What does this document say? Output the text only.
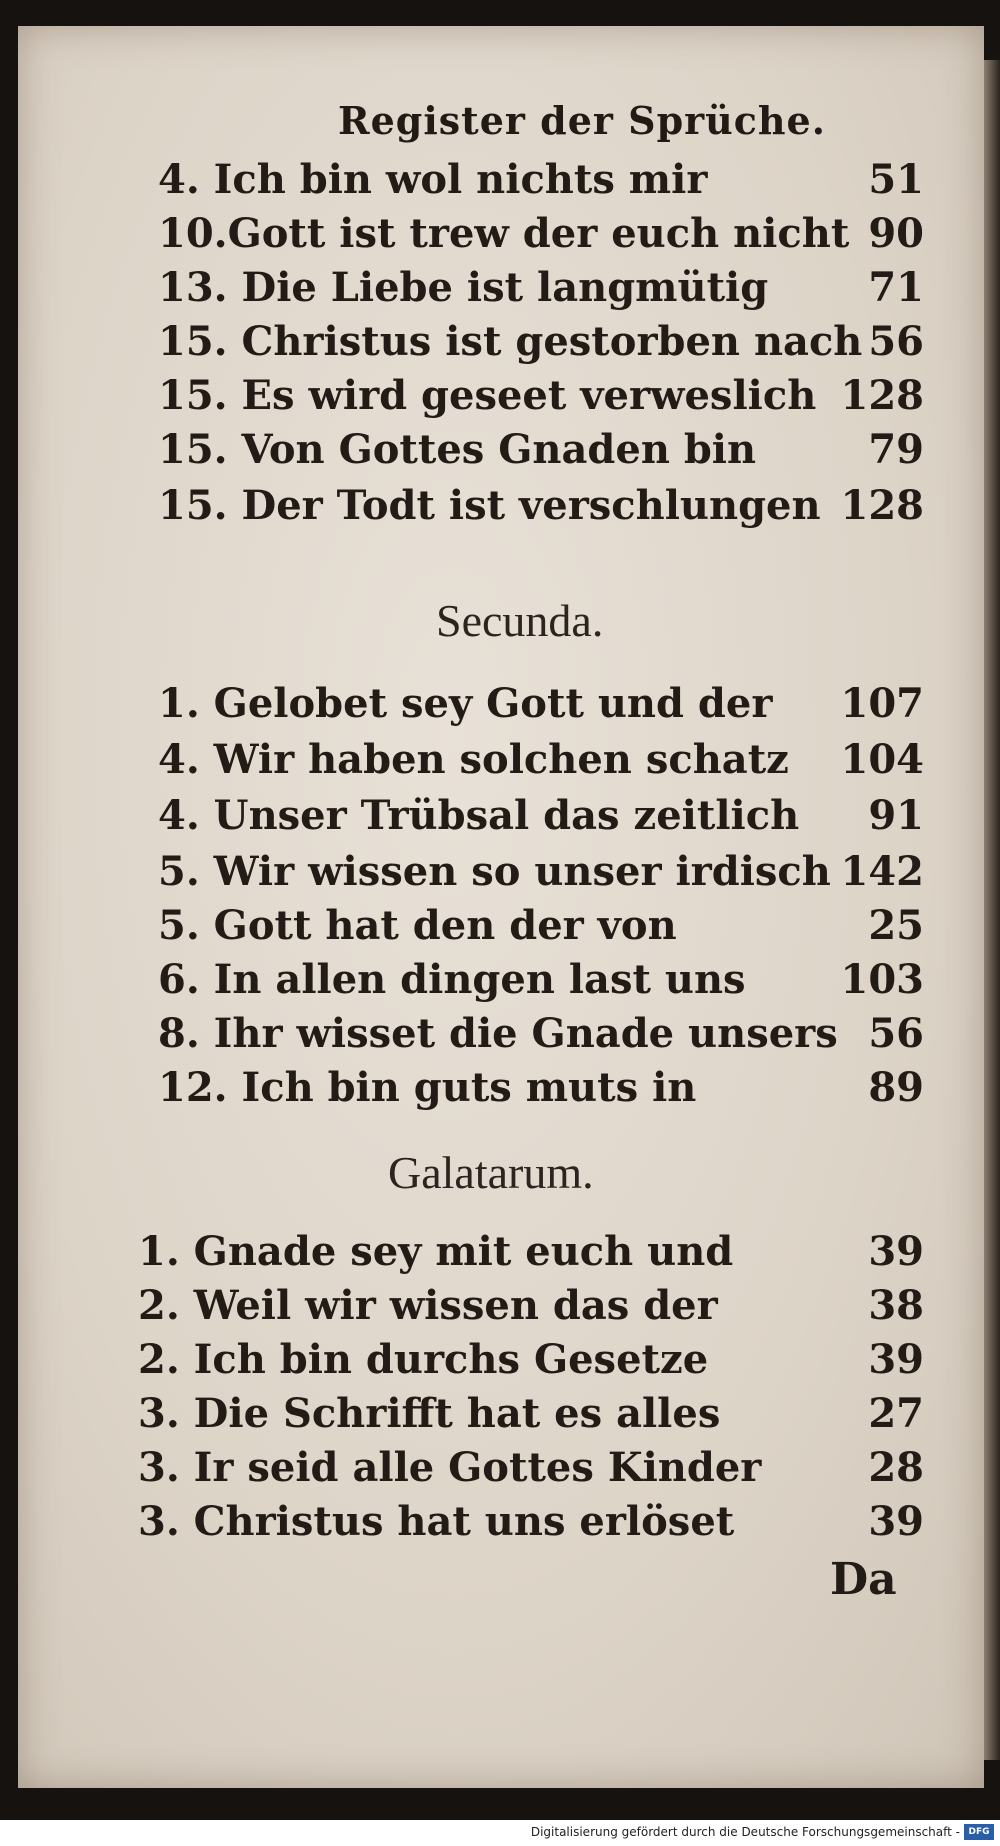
Register der Sprüche.
4. Ich bin wol nichts mir	51
10.Gott ist trew der euch nicht 90
13. Die Liebe ist langmütig	71
15. Christus ist gestorben nach 56
15. Es wird geseet verweslich 128
15. Von Gottes Gnaden bin	79
15. Der Todt ist verschlungen 128
Secunda.
1. Gelobet sey Gott und der	107
4. Wir haben solchen schatz	104
4. Unser Trübsal das zeitlich	91
5. Wir wissen so unser irdisch 142
5. Gott hat den der von	25
6. In allen dingen last uns	103
8. Ihr wisset die Gnade unsers 56
12. Ich bin guts muts in	89
Galatarum.
1. Gnade sey mit euch und	39
2. Weil wir wissen das der	38
2. Ich bin durchs Gesetze	39
3. Die Schrifft hat es alles	27
3. Ir seid alle Gottes Kinder	28
3. Christus hat uns erlöset	39
Da
Digitalisierung gefördert durch die Deutsche Forschungsgemeinschaft - DFG
